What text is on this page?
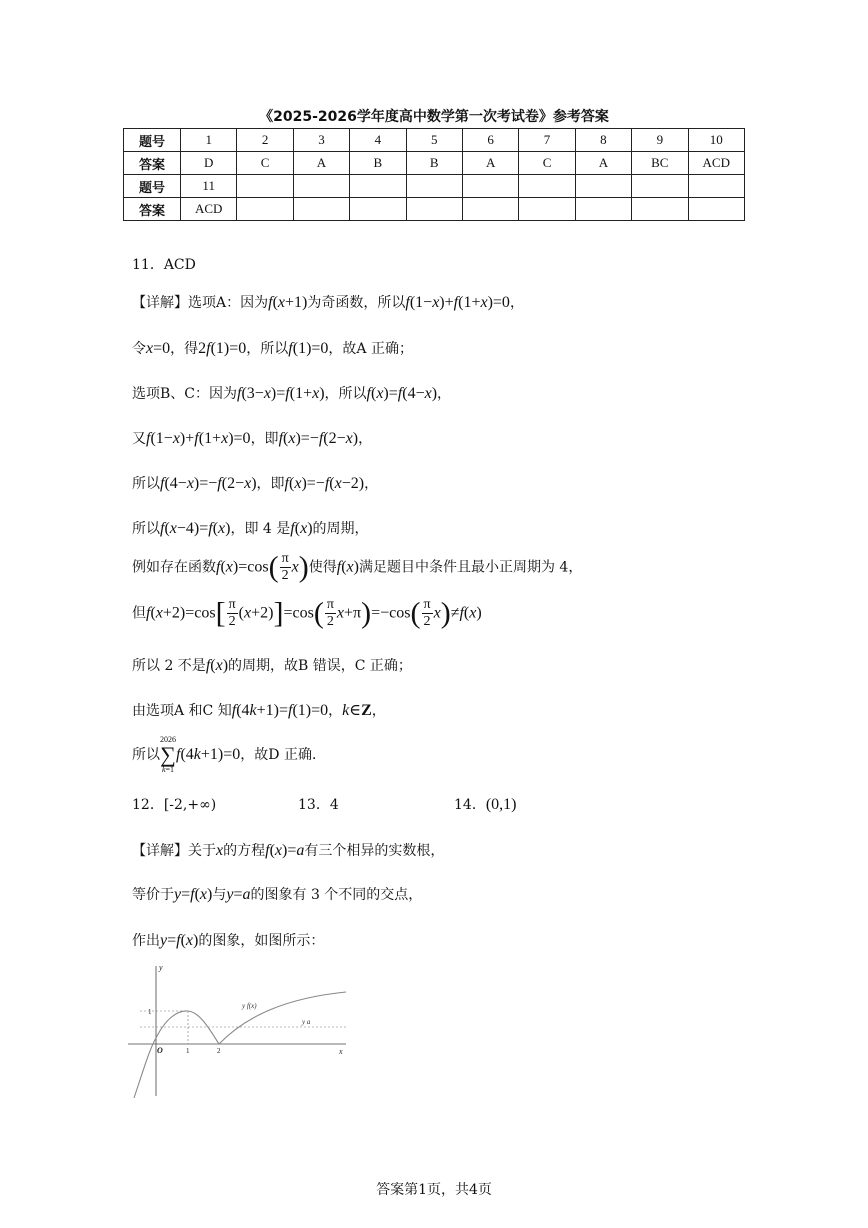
《2025-2026学年度高中数学第一次考试卷》参考答案
题号	1	2	3	4	5	6	7	8	9	10
答案	D	C	A	B	B	A	C	A	BC	ACD
题号	11									
答案	ACD									
11．ACD
【详解】选项A：因为f(x+1)为奇函数，所以f(1−x)+f(1+x)=0，
令x=0，得2f(1)=0，所以f(1)=0，故A 正确；
选项B、C：因为f(3−x)=f(1+x)，所以f(x)=f(4−x)，
又f(1−x)+f(1+x)=0，即f(x)=−f(2−x)，
所以f(4−x)=−f(2−x)，即f(x)=−f(x−2)，
所以f(x−4)=f(x)，即 4 是f(x)的周期，
例如存在函数$f(x)=\cos( \frac{\pi}{2} x)$使得f(x)满足题目中条件且最小正周期为 4，
但$f(x+2)=\cos[ \frac{\pi}{2} (x+2)]=\cos( \frac{\pi}{2} x+\pi)=-\cos( \frac{\pi}{2} x)\ne f(x)$
所以 2 不是f(x)的周期，故B 错误，C 正确；
由选项A 和C 知f(4k+1)=f(1)=0，k∈Z，
所以
2026
∑
k=1
f(4k+1)=0，故D 正确．
12．[-2,+∞)	13．4	14．(0,1)
【详解】关于x的方程f(x)=a有三个相异的实数根，
等价于y=f(x)与y=a的图象有 3 个不同的交点，
作出y=f(x)的图象，如图所示：
y
x
O	1	2
1
y f(x)
y a
答案第1页，共4页
